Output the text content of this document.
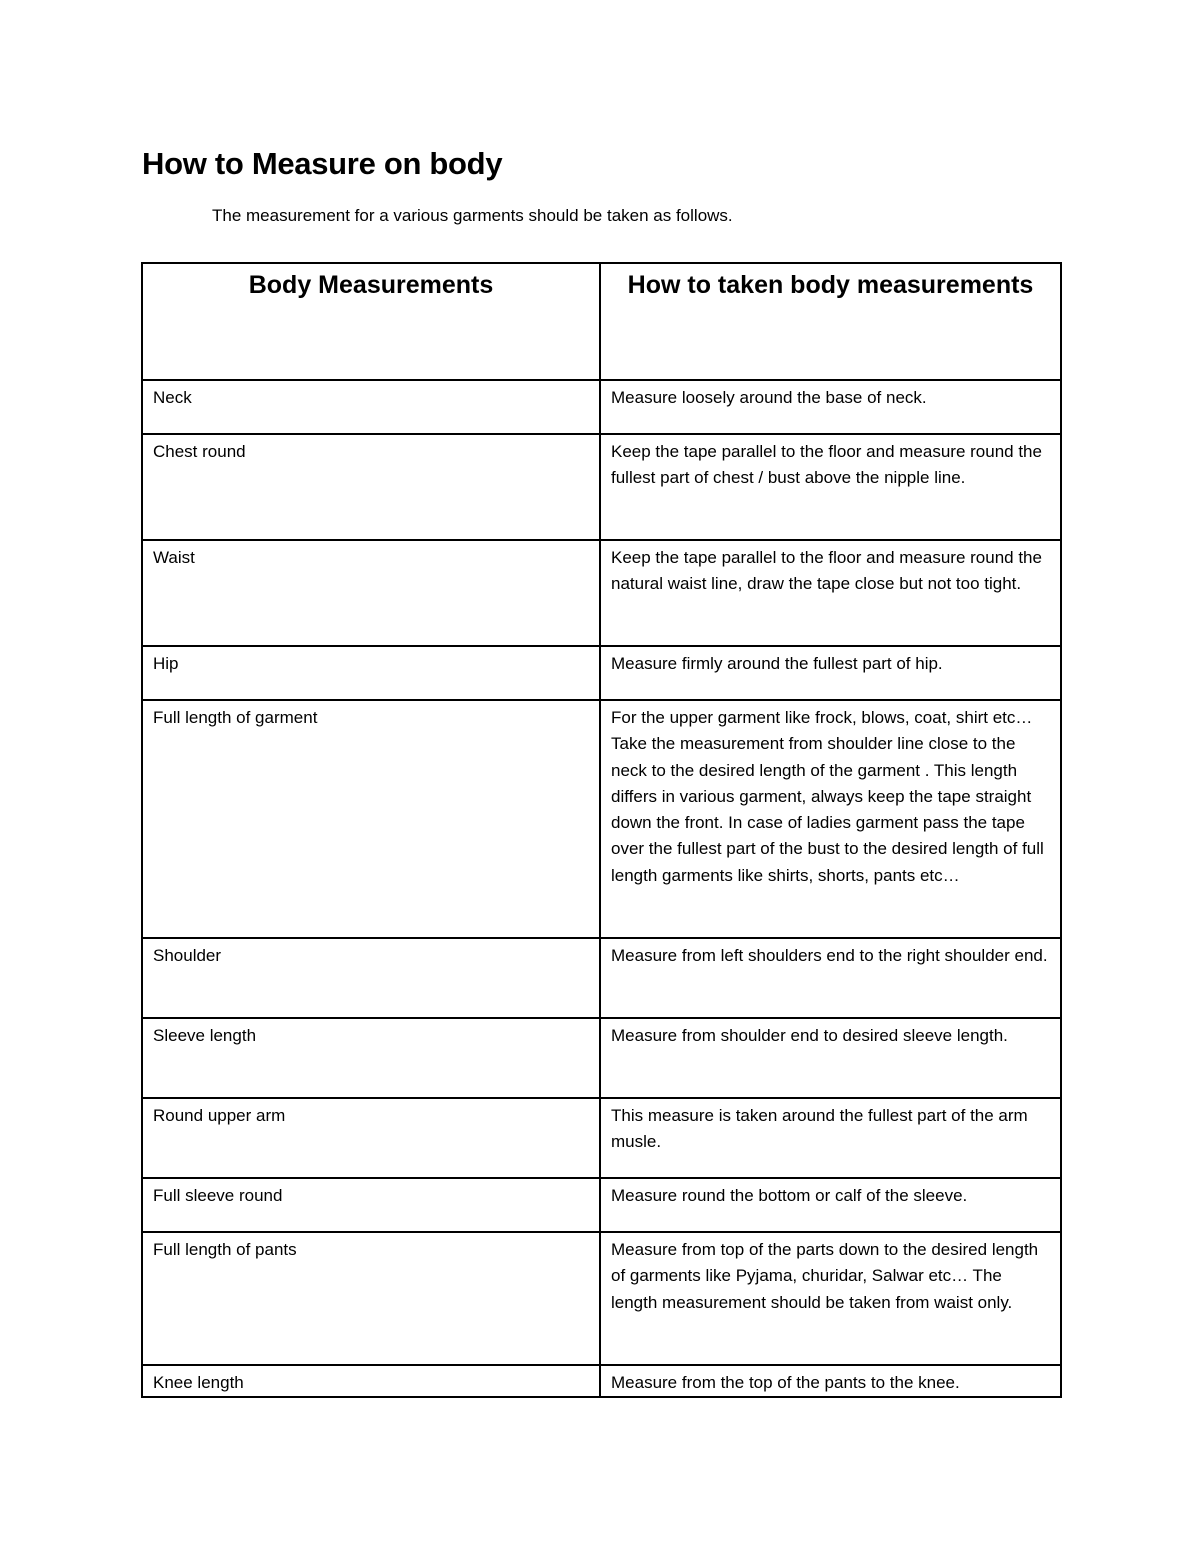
How to Measure on body

The measurement for a various garments should be taken as follows.

Body Measurements	How to taken body measurements
Neck	Measure loosely around the base of neck.
Chest round	Keep the tape parallel to the floor and measure round the fullest part of chest / bust above the nipple line.
Waist	Keep the tape parallel to the floor and measure round the natural waist line, draw the tape close but not too tight.
Hip	Measure firmly around the fullest part of hip.
Full length of garment	For the upper garment like frock, blows, coat, shirt etc… Take the measurement from shoulder line close to the neck to the desired length of the garment . This length differs in various garment, always keep the tape straight down the front. In case of ladies garment pass the tape over the fullest part of the bust to the desired length of full length garments like shirts, shorts, pants etc…
Shoulder	Measure from left shoulders end to the right shoulder end.
Sleeve length	Measure from shoulder end to desired sleeve length.
Round upper arm	This measure is taken around the fullest part of the arm musle.
Full sleeve round	Measure round the bottom or calf of the sleeve.
Full length of pants	Measure from top of the parts down to the desired length of garments like Pyjama, churidar, Salwar etc… The length measurement should be taken from waist only.
Knee length	Measure from the top of the pants to the knee.
